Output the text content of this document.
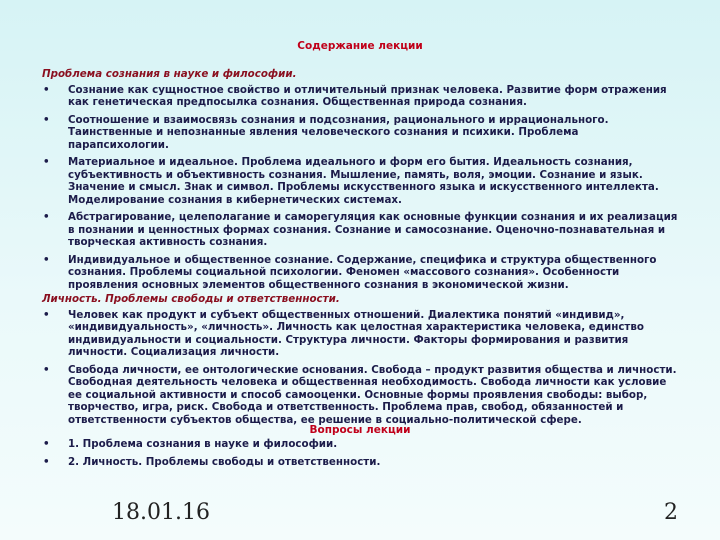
Содержание лекции
Проблема сознания в науке и философии.
• Сознание как сущностное свойство и отличительный признак человека. Развитие форм отражения как генетическая предпосылка сознания. Общественная природа сознания.
• Соотношение и взаимосвязь сознания и подсознания, рационального и иррационального. Таинственные и непознанные явления человеческого сознания и психики. Проблема парапсихологии.
• Материальное и идеальное. Проблема идеального и форм его бытия. Идеальность сознания, субъективность и объективность сознания. Мышление, память, воля, эмоции. Сознание и язык. Значение и смысл. Знак и символ. Проблемы искусственного языка и искусственного интеллекта. Моделирование сознания в кибернетических системах.
• Абстрагирование, целеполагание и саморегуляция как основные функции сознания и их реализация в познании и ценностных формах сознания. Сознание и самосознание. Оценочно-познавательная и творческая активность сознания.
• Индивидуальное и общественное сознание. Содержание, специфика и структура общественного сознания. Проблемы социальной психологии. Феномен «массового сознания». Особенности проявления основных элементов общественного сознания в экономической жизни.
Личность. Проблемы свободы и ответственности.
• Человек как продукт и субъект общественных отношений. Диалектика понятий «индивид», «индивидуальность», «личность». Личность как целостная характеристика человека, единство индивидуальности и социальности. Структура личности. Факторы формирования и развития личности. Социализация личности.
• Свобода личности, ее онтологические основания. Свобода – продукт развития общества и личности. Свободная деятельность человека и общественная необходимость. Свобода личности как условие ее социальной активности и способ самооценки. Основные формы проявления свободы: выбор, творчество, игра, риск. Свобода и ответственность. Проблема прав, свобод, обязанностей и ответственности субъектов общества, ее решение в социально-политической сфере.
Вопросы лекции
• 1. Проблема сознания в науке и философии.
• 2. Личность. Проблемы свободы и ответственности.
18.01.16	2
